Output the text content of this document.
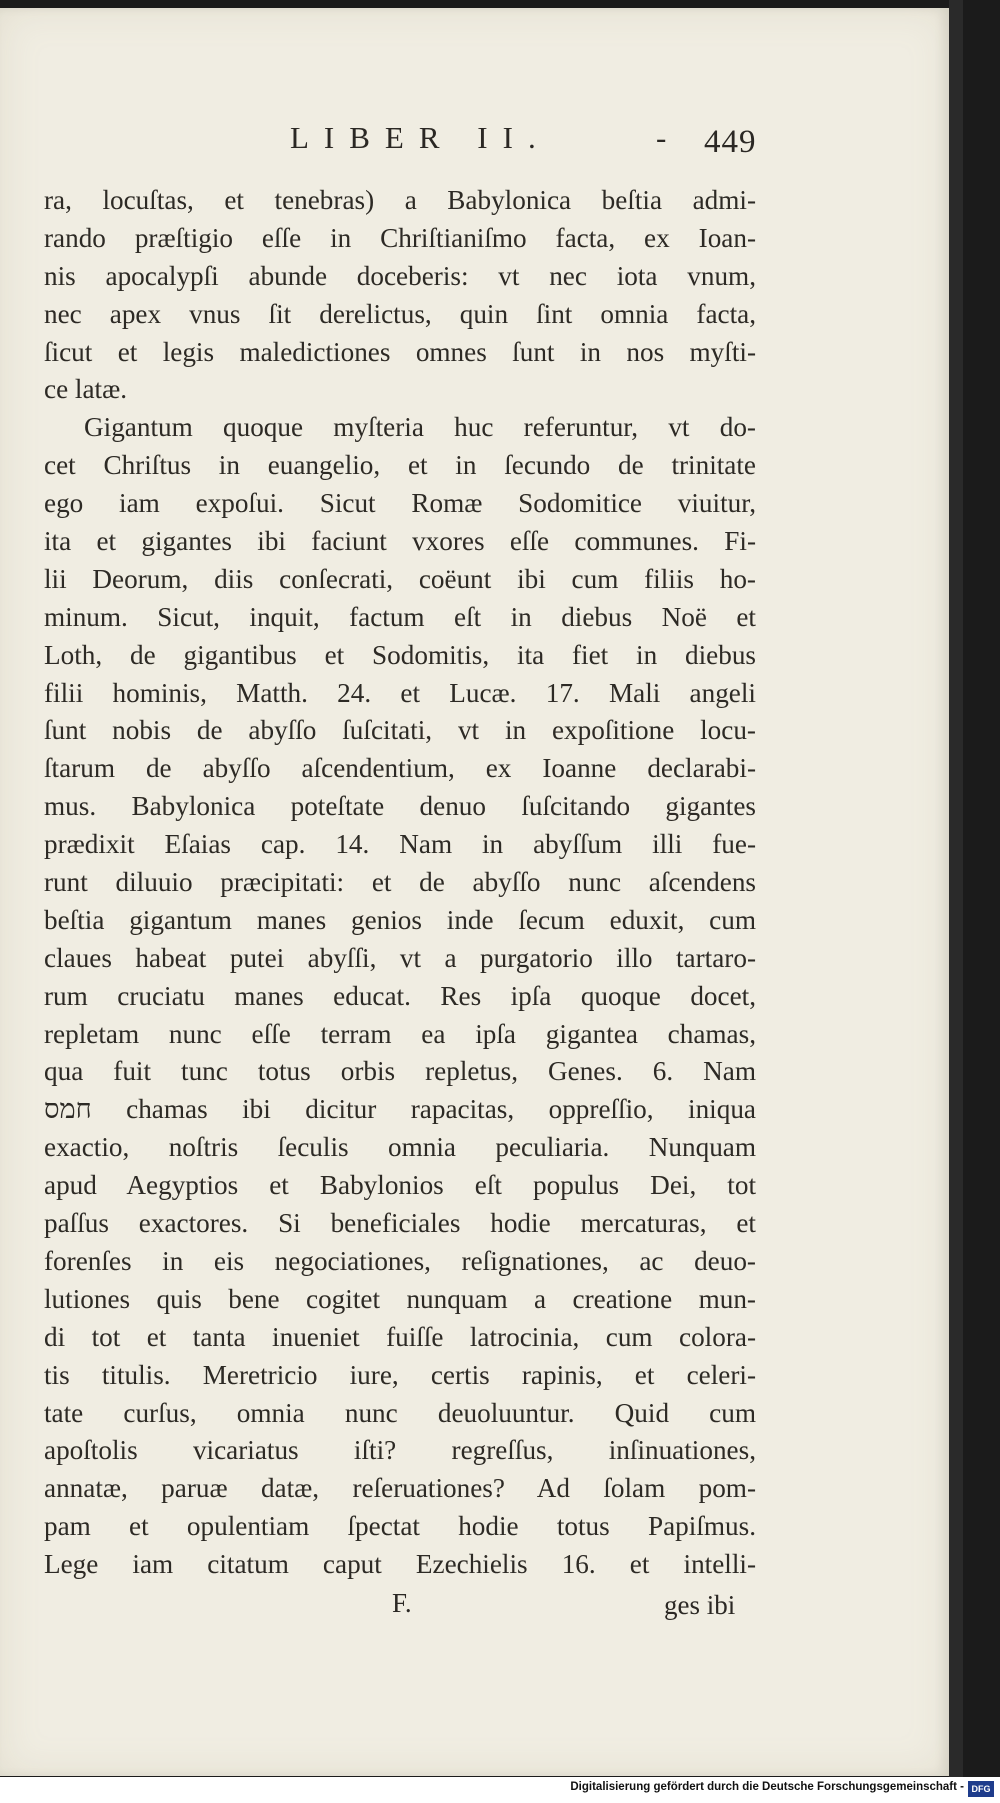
LIBER II.	- 449
ra, locuſtas, et tenebras) a Babylonica beſtia admi-
rando præſtigio eſſe in Chriſtianiſmo facta, ex Ioan-
nis apocalypſi abunde doceberis: vt nec iota vnum,
nec apex vnus ſit derelictus, quin ſint omnia facta,
ſicut et legis maledictiones omnes ſunt in nos myſti-
ce latæ.
Gigantum quoque myſteria huc referuntur, vt do-
cet Chriſtus in euangelio, et in ſecundo de trinitate
ego iam expoſui. Sicut Romæ Sodomitice viuitur,
ita et gigantes ibi faciunt vxores eſſe communes. Fi-
lii Deorum, diis conſecrati, coëunt ibi cum filiis ho-
minum. Sicut, inquit, factum eſt in diebus Noë et
Loth, de gigantibus et Sodomitis, ita fiet in diebus
filii hominis, Matth. 24. et Lucæ. 17. Mali angeli
ſunt nobis de abyſſo ſuſcitati, vt in expoſitione locu-
ſtarum de abyſſo aſcendentium, ex Ioanne declarabi-
mus. Babylonica poteſtate denuo ſuſcitando gigantes
prædixit Eſaias cap. 14. Nam in abyſſum illi fue-
runt diluuio præcipitati: et de abyſſo nunc aſcendens
beſtia gigantum manes genios inde ſecum eduxit, cum
claues habeat putei abyſſi, vt a purgatorio illo tartaro-
rum cruciatu manes educat. Res ipſa quoque docet,
repletam nunc eſſe terram ea ipſa gigantea chamas,
qua fuit tunc totus orbis repletus, Genes. 6. Nam
חמס chamas ibi dicitur rapacitas, oppreſſio, iniqua
exactio, noſtris ſeculis omnia peculiaria. Nunquam
apud Aegyptios et Babylonios eſt populus Dei, tot
paſſus exactores. Si beneficiales hodie mercaturas, et
forenſes in eis negociationes, reſignationes, ac deuo-
lutiones quis bene cogitet nunquam a creatione mun-
di tot et tanta inueniet fuiſſe latrocinia, cum colora-
tis titulis. Meretricio iure, certis rapinis, et celeri-
tate curſus, omnia nunc deuoluuntur. Quid cum
apoſtolis vicariatus iſti? regreſſus, inſinuationes,
annatæ, paruæ datæ, reſeruationes? Ad ſolam pom-
pam et opulentiam ſpectat hodie totus Papiſmus.
Lege iam citatum caput Ezechielis 16. et intelli-
F.	ges ibi
Digitalisierung gefördert durch die Deutsche Forschungsgemeinschaft - DFG
